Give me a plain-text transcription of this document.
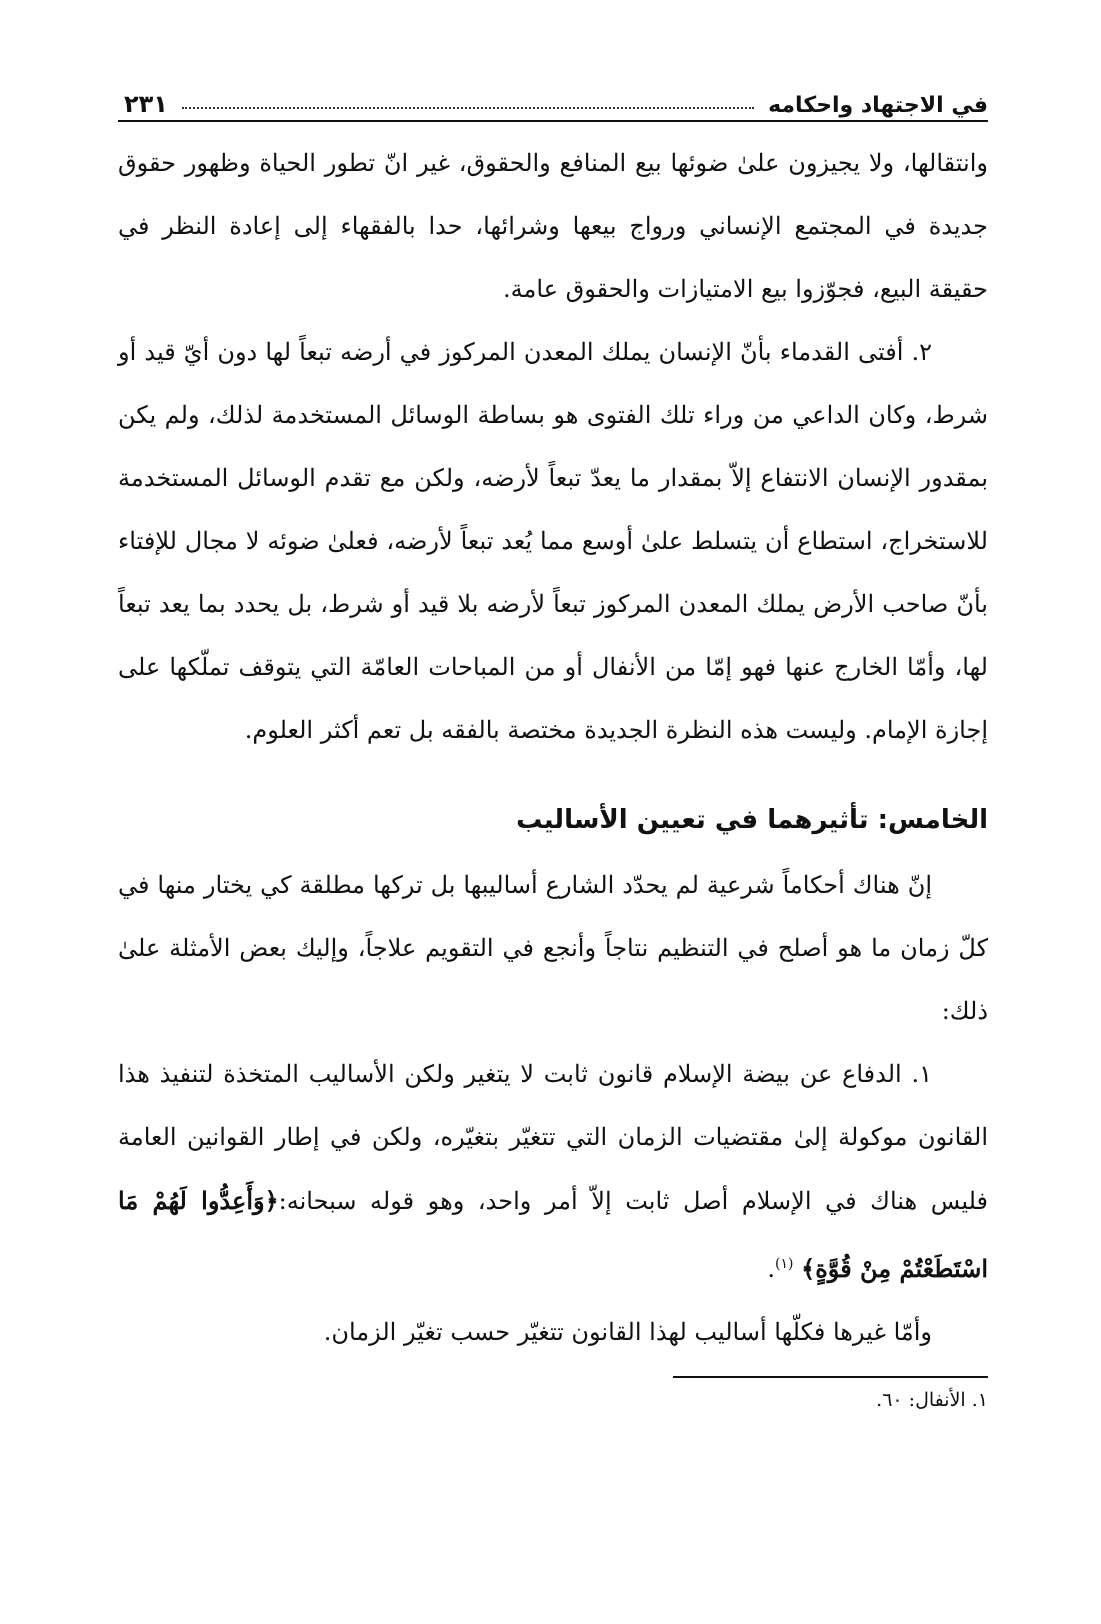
في الاجتهاد واحكامه
٢٣١

وانتقالها، ولا يجيزون علىٰ ضوئها بيع المنافع والحقوق، غير انّ تطور الحياة وظهور حقوق جديدة في المجتمع الإنساني ورواج بيعها وشرائها، حدا بالفقهاء إلى إعادة النظر في حقيقة البيع، فجوّزوا بيع الامتيازات والحقوق عامة.

٢. أفتى القدماء بأنّ الإنسان يملك المعدن المركوز في أرضه تبعاً لها دون أيّ قيد أو شرط، وكان الداعي من وراء تلك الفتوى هو بساطة الوسائل المستخدمة لذلك، ولم يكن بمقدور الإنسان الانتفاع إلاّ بمقدار ما يعدّ تبعاً لأرضه، ولكن مع تقدم الوسائل المستخدمة للاستخراج، استطاع أن يتسلط علىٰ أوسع مما يُعد تبعاً لأرضه، فعلىٰ ضوئه لا مجال للإفتاء بأنّ صاحب الأرض يملك المعدن المركوز تبعاً لأرضه بلا قيد أو شرط، بل يحدد بما يعد تبعاً لها، وأمّا الخارج عنها فهو إمّا من الأنفال أو من المباحات العامّة التي يتوقف تملّكها على إجازة الإمام. وليست هذه النظرة الجديدة مختصة بالفقه بل تعم أكثر العلوم.

الخامس: تأثيرهما في تعيين الأساليب

إنّ هناك أحكاماً شرعية لم يحدّد الشارع أساليبها بل تركها مطلقة كي يختار منها في كلّ زمان ما هو أصلح في التنظيم نتاجاً وأنجع في التقويم علاجاً، وإليك بعض الأمثلة علىٰ ذلك:

١. الدفاع عن بيضة الإسلام قانون ثابت لا يتغير ولكن الأساليب المتخذة لتنفيذ هذا القانون موكولة إلىٰ مقتضيات الزمان التي تتغيّر بتغيّره، ولكن في إطار القوانين العامة فليس هناك في الإسلام أصل ثابت إلاّ أمر واحد، وهو قوله سبحانه:﴿وَأَعِدُّوا لَهُمْ مَا اسْتَطَعْتُمْ مِنْ قُوَّةٍ﴾ $^{(١)}$.

وأمّا غيرها فكلّها أساليب لهذا القانون تتغيّر حسب تغيّر الزمان.

١. الأنفال: ٦٠.
